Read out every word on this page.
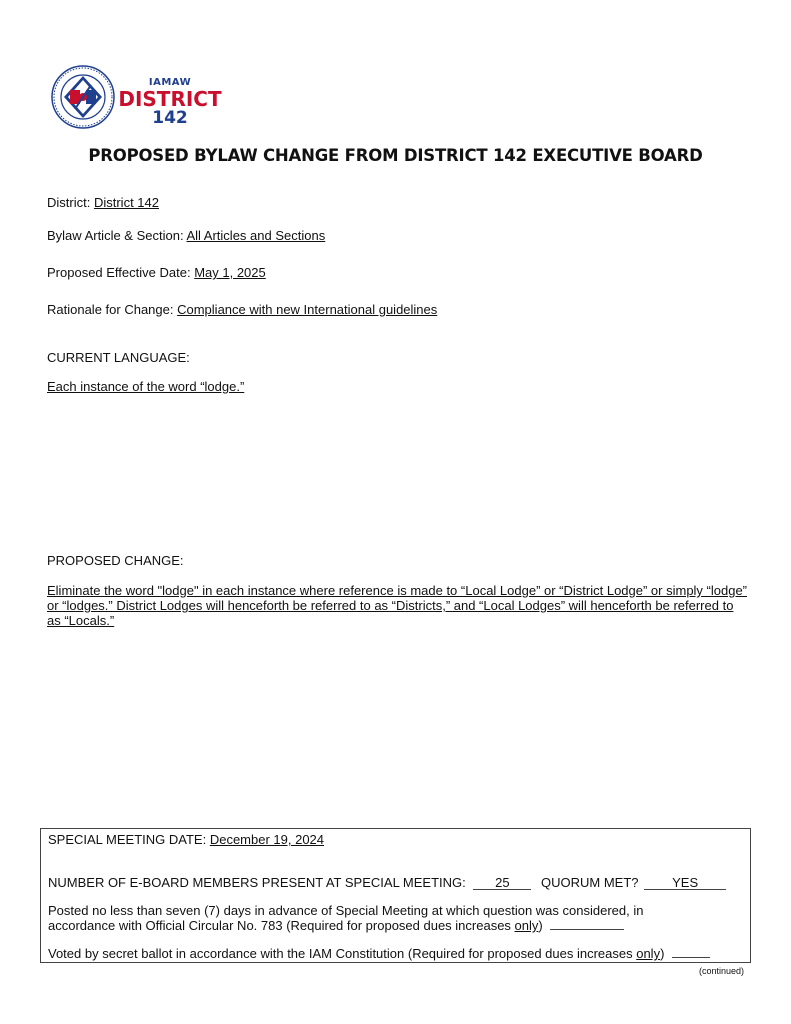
IAMAW
DISTRICT
142
PROPOSED BYLAW CHANGE FROM DISTRICT 142 EXECUTIVE BOARD
District: District 142
Bylaw Article & Section: All Articles and Sections
Proposed Effective Date: May 1, 2025
Rationale for Change: Compliance with new International guidelines
CURRENT LANGUAGE:
Each instance of the word “lodge.”
PROPOSED CHANGE:
Eliminate the word "lodge" in each instance where reference is made to “Local Lodge” or “District Lodge” or simply “lodge” or “lodges.” District Lodges will henceforth be referred to as “Districts,” and “Local Lodges” will henceforth be referred to as “Locals.”
SPECIAL MEETING DATE: December 19, 2024
NUMBER OF E-BOARD MEMBERS PRESENT AT SPECIAL MEETING: 25 QUORUM MET?	YES
Posted no less than seven (7) days in advance of Special Meeting at which question was considered, in
accordance with Official Circular No. 783 (Required for proposed dues increases only)
Voted by secret ballot in accordance with the IAM Constitution (Required for proposed dues increases only)
(continued)
